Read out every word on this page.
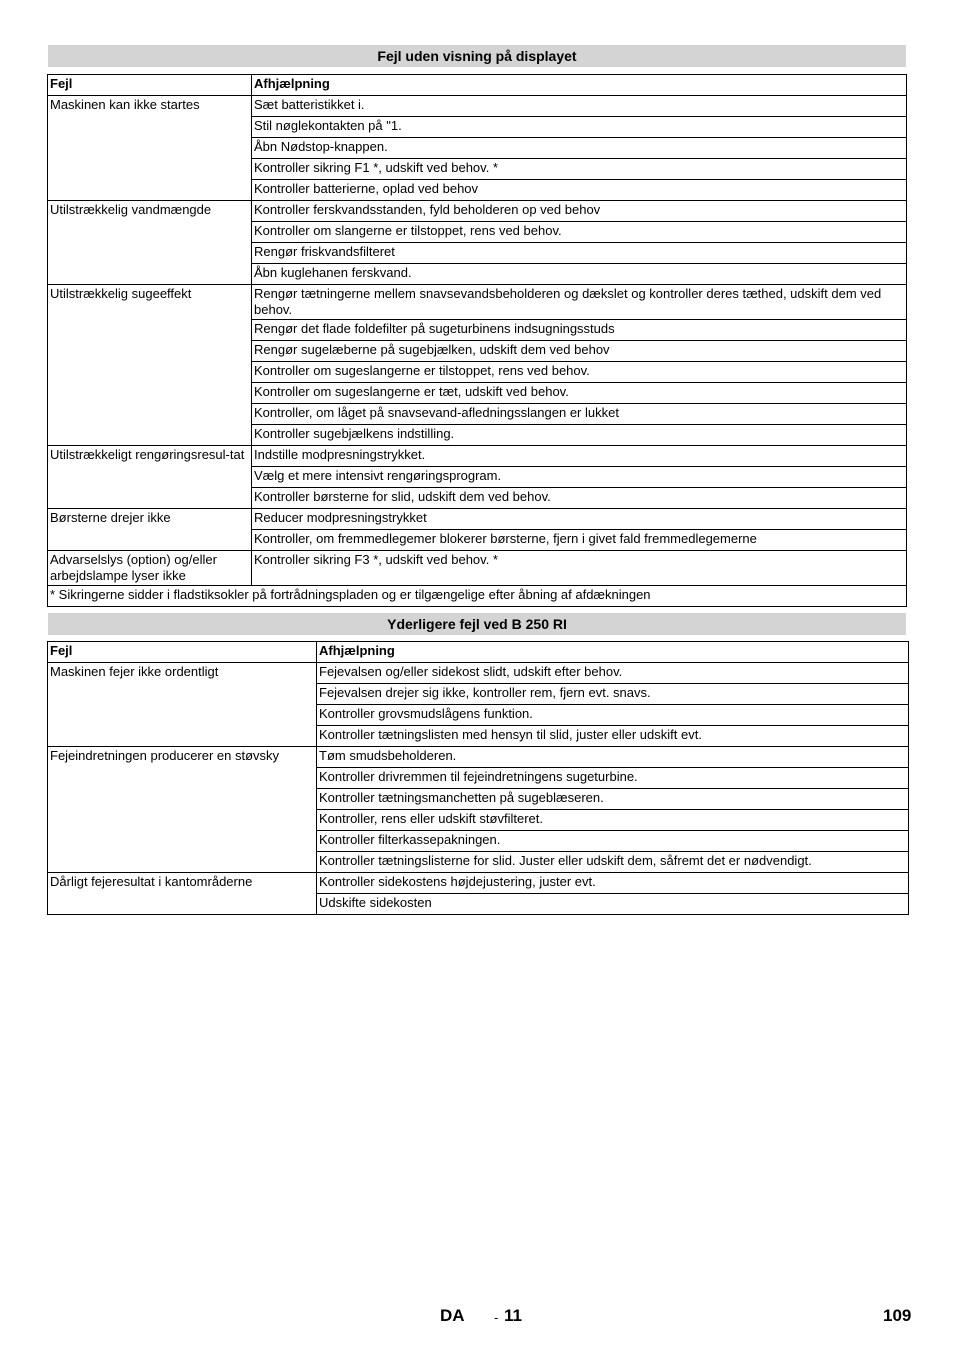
Fejl uden visning på displayet
Fejl	Afhjælpning
Maskinen kan ikke startes	Sæt batteristikket i.
	Stil nøglekontakten på "1.
	Åbn Nødstop-knappen.
	Kontroller sikring F1 *, udskift ved behov. *
	Kontroller batterierne, oplad ved behov
Utilstrækkelig vandmængde	Kontroller ferskvandsstanden, fyld beholderen op ved behov
	Kontroller om slangerne er tilstoppet, rens ved behov.
	Rengør friskvandsfilteret
	Åbn kuglehanen ferskvand.
Utilstrækkelig sugeeffekt	Rengør tætningerne mellem snavsevandsbeholderen og dækslet og kontroller deres tæthed, udskift dem ved behov.
	Rengør det flade foldefilter på sugeturbinens indsugningsstuds
	Rengør sugelæberne på sugebjælken, udskift dem ved behov
	Kontroller om sugeslangerne er tilstoppet, rens ved behov.
	Kontroller om sugeslangerne er tæt, udskift ved behov.
	Kontroller, om låget på snavsevand-afledningsslangen er lukket
	Kontroller sugebjælkens indstilling.
Utilstrækkeligt rengøringsresul-tat	Indstille modpresningstrykket.
	Vælg et mere intensivt rengøringsprogram.
	Kontroller børsterne for slid, udskift dem ved behov.
Børsterne drejer ikke	Reducer modpresningstrykket
	Kontroller, om fremmedlegemer blokerer børsterne, fjern i givet fald fremmedlegemerne
Advarselslys (option) og/eller arbejdslampe lyser ikke	Kontroller sikring F3 *, udskift ved behov. *
* Sikringerne sidder i fladstiksokler på fortrådningspladen og er tilgængelige efter åbning af afdækningen	
Yderligere fejl ved B 250 RI
Fejl	Afhjælpning
Maskinen fejer ikke ordentligt	Fejevalsen og/eller sidekost slidt, udskift efter behov.
	Fejevalsen drejer sig ikke, kontroller rem, fjern evt. snavs.
	Kontroller grovsmudslågens funktion.
	Kontroller tætningslisten med hensyn til slid, juster eller udskift evt.
Fejeindretningen producerer en støvsky	Tøm smudsbeholderen.
	Kontroller drivremmen til fejeindretningens sugeturbine.
	Kontroller tætningsmanchetten på sugeblæseren.
	Kontroller, rens eller udskift støvfilteret.
	Kontroller filterkassepakningen.
	Kontroller tætningslisterne for slid. Juster eller udskift dem, såfremt det er nødvendigt.
Dårligt fejeresultat i kantområderne	Kontroller sidekostens højdejustering, juster evt.
	Udskifte sidekosten
DA - 11	109
